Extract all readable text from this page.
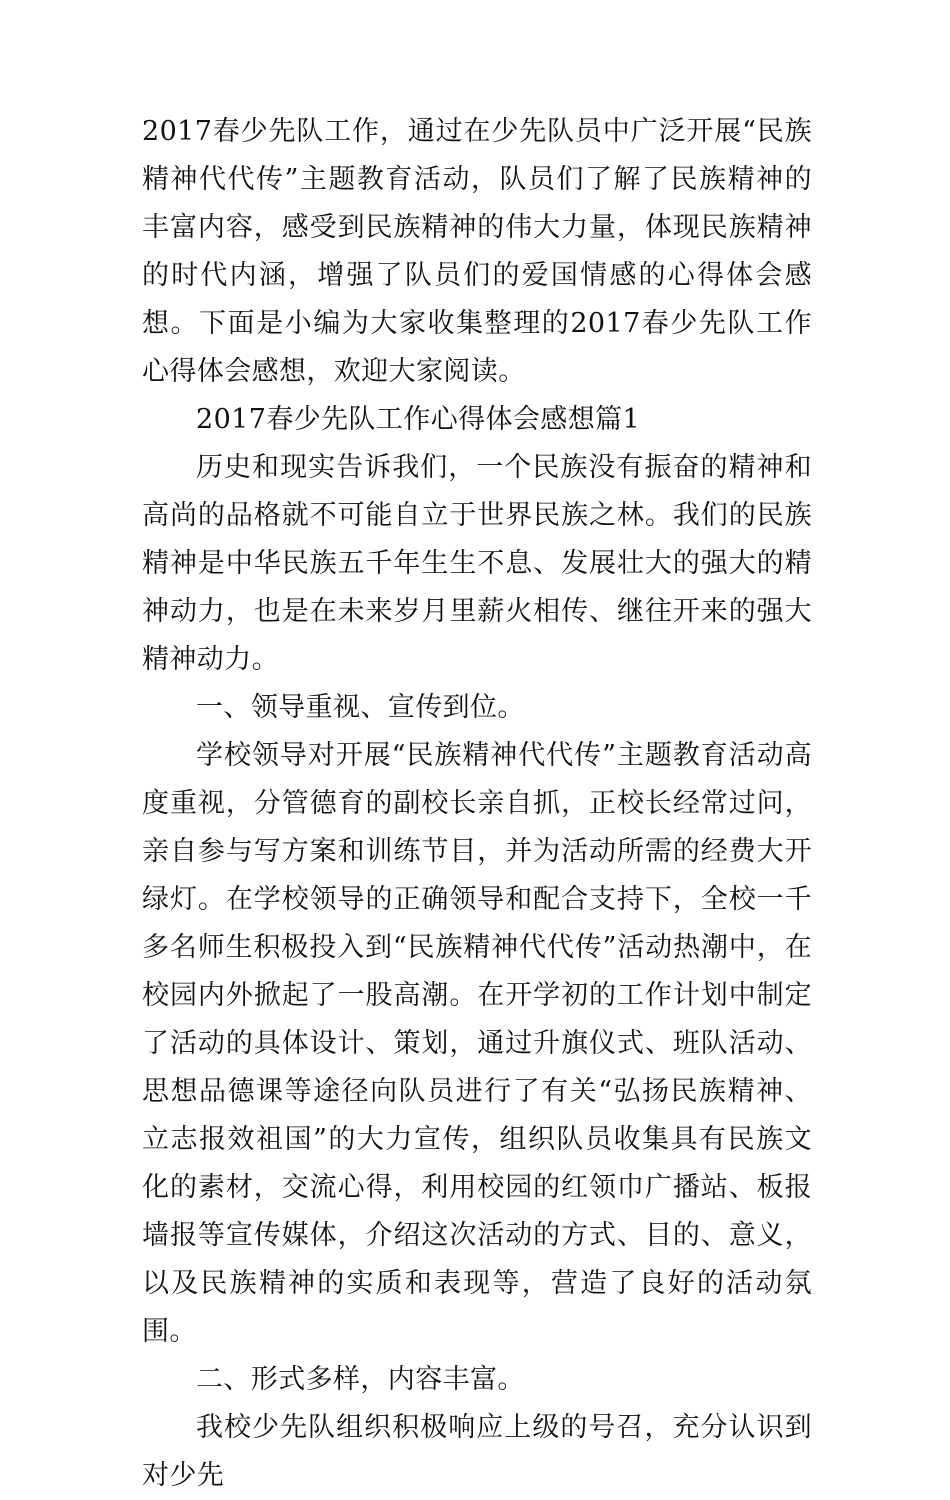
2017春少先队工作，通过在少先队员中广泛开展“民族精神代代传”主题教育活动，队员们了解了民族精神的丰富内容，感受到民族精神的伟大力量，体现民族精神的时代内涵，增强了队员们的爱国情感的心得体会感想。下面是小编为大家收集整理的2017春少先队工作心得体会感想，欢迎大家阅读。

2017春少先队工作心得体会感想篇1

历史和现实告诉我们，一个民族没有振奋的精神和高尚的品格就不可能自立于世界民族之林。我们的民族精神是中华民族五千年生生不息、发展壮大的强大的精神动力，也是在未来岁月里薪火相传、继往开来的强大精神动力。

一、领导重视、宣传到位。

学校领导对开展“民族精神代代传”主题教育活动高度重视，分管德育的副校长亲自抓，正校长经常过问，亲自参与写方案和训练节目，并为活动所需的经费大开绿灯。在学校领导的正确领导和配合支持下，全校一千多名师生积极投入到“民族精神代代传”活动热潮中，在校园内外掀起了一股高潮。在开学初的工作计划中制定了活动的具体设计、策划，通过升旗仪式、班队活动、思想品德课等途径向队员进行了有关“弘扬民族精神、立志报效祖国”的大力宣传，组织队员收集具有民族文化的素材，交流心得，利用校园的红领巾广播站、板报墙报等宣传媒体，介绍这次活动的方式、目的、意义，以及民族精神的实质和表现等，营造了良好的活动氛围。

二、形式多样，内容丰富。

我校少先队组织积极响应上级的号召，充分认识到对少先
